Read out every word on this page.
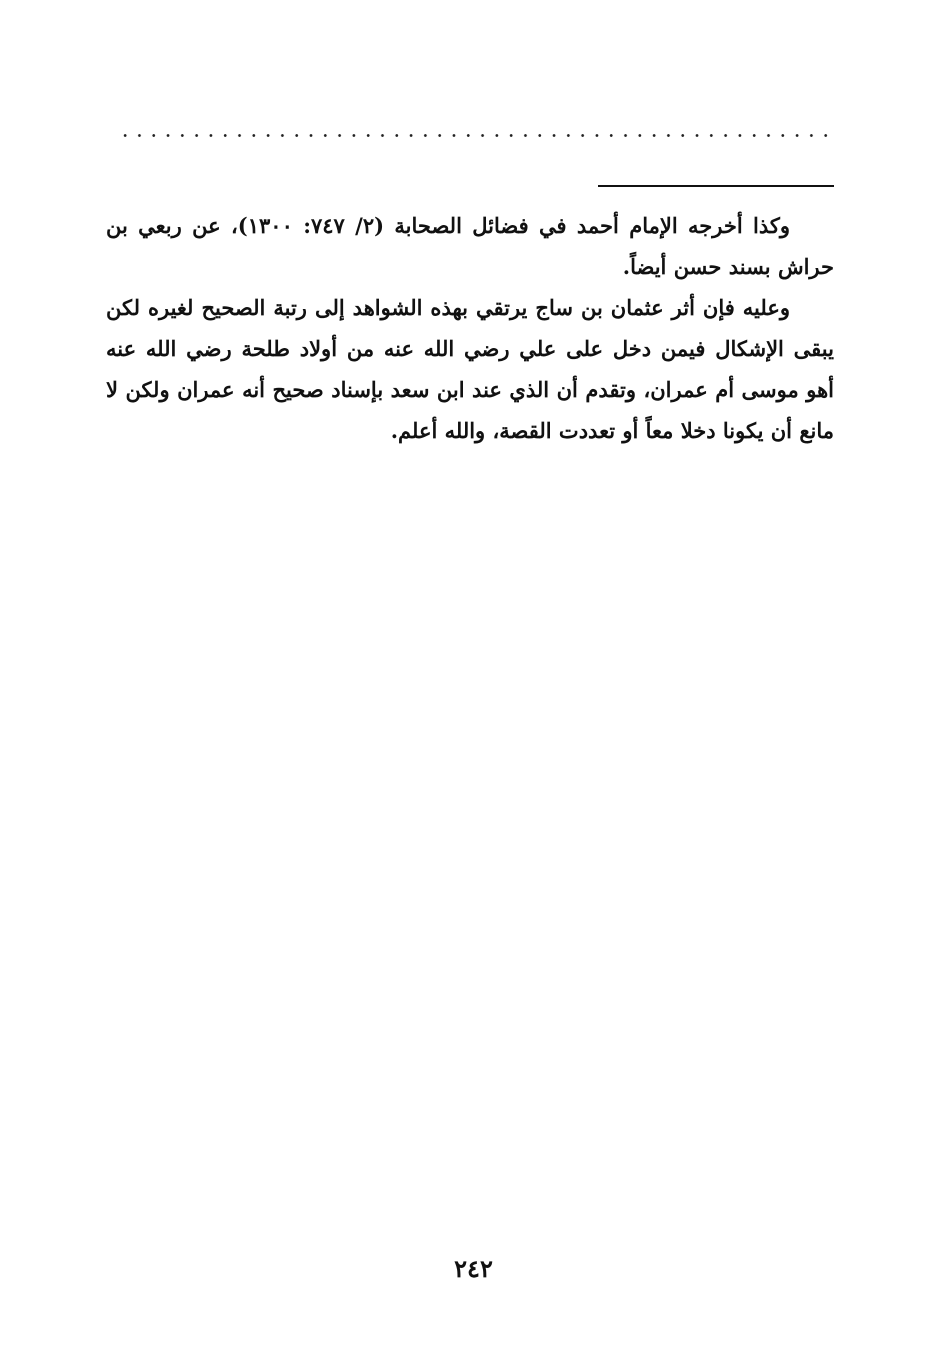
وكذا أخرجه الإمام أحمد في فضائل الصحابة (٢/ ٧٤٧: ١٣٠٠)، عن ربعي بن حراش بسند حسن أيضاً.

وعليه فإن أثر عثمان بن ساج يرتقي بهذه الشواهد إلى رتبة الصحيح لغيره لكن يبقى الإشكال فيمن دخل على علي رضي الله عنه من أولاد طلحة رضي الله عنه أهو موسى أم عمران، وتقدم أن الذي عند ابن سعد بإسناد صحيح أنه عمران ولكن لا مانع أن يكونا دخلا معاً أو تعددت القصة، والله أعلم.

٢٤٢
